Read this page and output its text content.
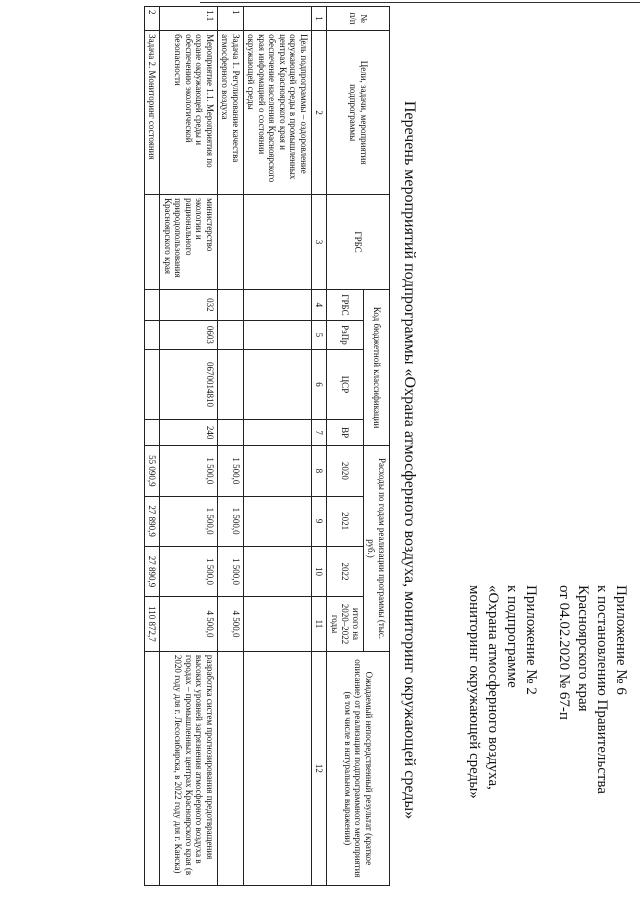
Приложение № 6

к постановлению Правительства

Красноярского края

от 04.02.2020 № 67-п

Приложение № 2

к подпрограмме

«Охрана атмосферного воздуха,

мониторинг окружающей среды»

Перечень мероприятий подпрограммы «Охрана атмосферного воздуха, мониторинг окружающей среды»
№ п/п	Цели, задачи, мероприятия подпрограммы	ГРБС	Код бюджетной классификации				Расходы по годам реализации программы (тыс. руб.)				Ожидаемый непосредственный результат (краткое описание) от реализации подпрограммного мероприятия (в том числе в натуральном выражении)
			ГРБС	РзПр	ЦСР	ВР	2020	2021	2022	итого на 2020–2022 годы	
1	2	3	4	5	6	7	8	9	10	11	12
	Цель подпрограммы – оздоровление окружающей среды в промышленных центрах Красноярского края и обеспечение населения Красноярского края информацией о состоянии окружающей среды										
1	Задача 1. Регулирование качества атмосферного воздуха						1 500,0	1 500,0	1 500,0	4 500,0	
1.1	Мероприятие 1.1. Мероприятия по охране окружающей среды и обеспечению экологической безопасности	министерство экологии и рационального природопользования Красноярского края	032	0603	0670014810	240	1 500,0	1 500,0	1 500,0	4 500,0	разработка систем прогнозирования предотвращения высоких уровней загрязнения атмосферного воздуха в городах – промышленных центрах Красноярского края (в 2020 году для г. Лесосибирска, в 2022 году для г. Канска)
2	Задача 2. Мониторинг состояния						55 090,9	27 890,9	27 890,9	110 872,7	
